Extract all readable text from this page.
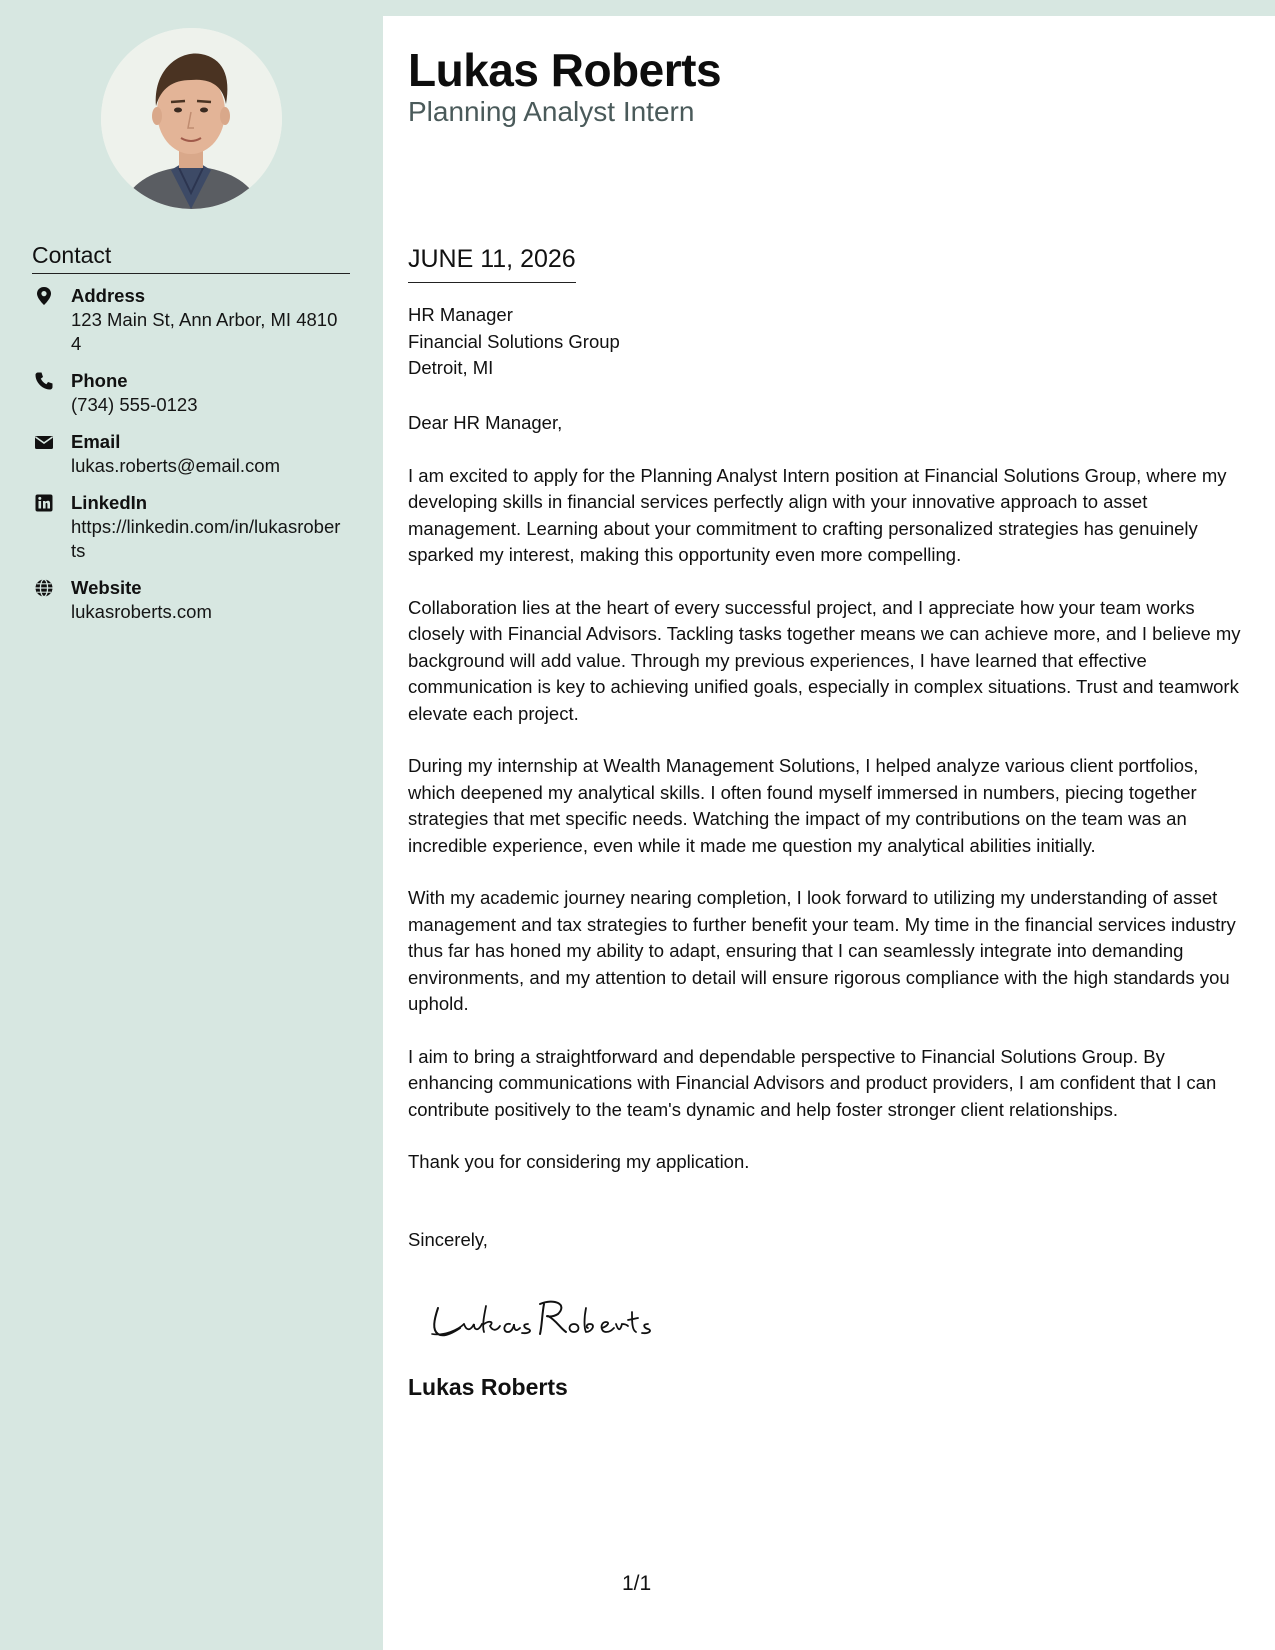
Contact
Address
123 Main St, Ann Arbor, MI 48104
Phone
(734) 555-0123
Email
lukas.roberts@email.com
LinkedIn
https://linkedin.com/in/lukasroberts
Website
lukasroberts.com
Lukas Roberts
Planning Analyst Intern
JUNE 11, 2026
HR Manager
Financial Solutions Group
Detroit, MI

Dear HR Manager,

I am excited to apply for the Planning Analyst Intern position at Financial Solutions Group, where my developing skills in financial services perfectly align with your innovative approach to asset management. Learning about your commitment to crafting personalized strategies has genuinely sparked my interest, making this opportunity even more compelling.

Collaboration lies at the heart of every successful project, and I appreciate how your team works closely with Financial Advisors. Tackling tasks together means we can achieve more, and I believe my background will add value. Through my previous experiences, I have learned that effective communication is key to achieving unified goals, especially in complex situations. Trust and teamwork elevate each project.

During my internship at Wealth Management Solutions, I helped analyze various client portfolios, which deepened my analytical skills. I often found myself immersed in numbers, piecing together strategies that met specific needs. Watching the impact of my contributions on the team was an incredible experience, even while it made me question my analytical abilities initially.

With my academic journey nearing completion, I look forward to utilizing my understanding of asset management and tax strategies to further benefit your team. My time in the financial services industry thus far has honed my ability to adapt, ensuring that I can seamlessly integrate into demanding environments, and my attention to detail will ensure rigorous compliance with the high standards you uphold.

I aim to bring a straightforward and dependable perspective to Financial Solutions Group. By enhancing communications with Financial Advisors and product providers, I am confident that I can contribute positively to the team's dynamic and help foster stronger client relationships.

Thank you for considering my application.

Sincerely,
Lukas Roberts
1/1
